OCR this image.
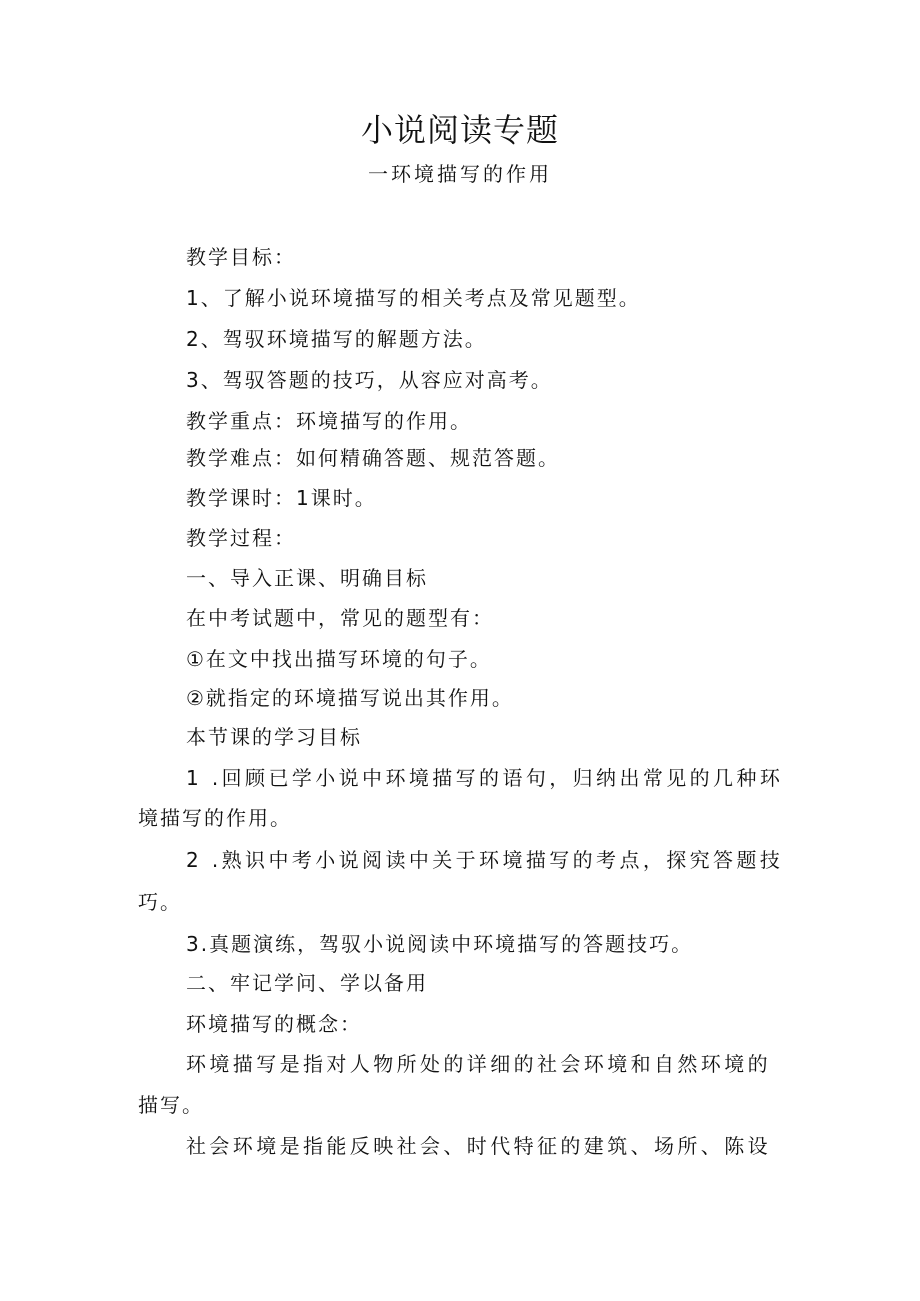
小说阅读专题
一环境描写的作用
教学目标：
1、了解小说环境描写的相关考点及常见题型。
2、驾驭环境描写的解题方法。
3、驾驭答题的技巧，从容应对高考。
教学重点：环境描写的作用。
教学难点：如何精确答题、规范答题。
教学课时：1课时。
教学过程：
一、导入正课、明确目标
在中考试题中，常见的题型有：
①在文中找出描写环境的句子。
②就指定的环境描写说出其作用。
本节课的学习目标
1 .回顾已学小说中环境描写的语句，归纳出常见的几种环
境描写的作用。
2 .熟识中考小说阅读中关于环境描写的考点，探究答题技
巧。
3.真题演练，驾驭小说阅读中环境描写的答题技巧。
二、牢记学问、学以备用
环境描写的概念：
环境描写是指对人物所处的详细的社会环境和自然环境的
描写。
社会环境是指能反映社会、时代特征的建筑、场所、陈设
